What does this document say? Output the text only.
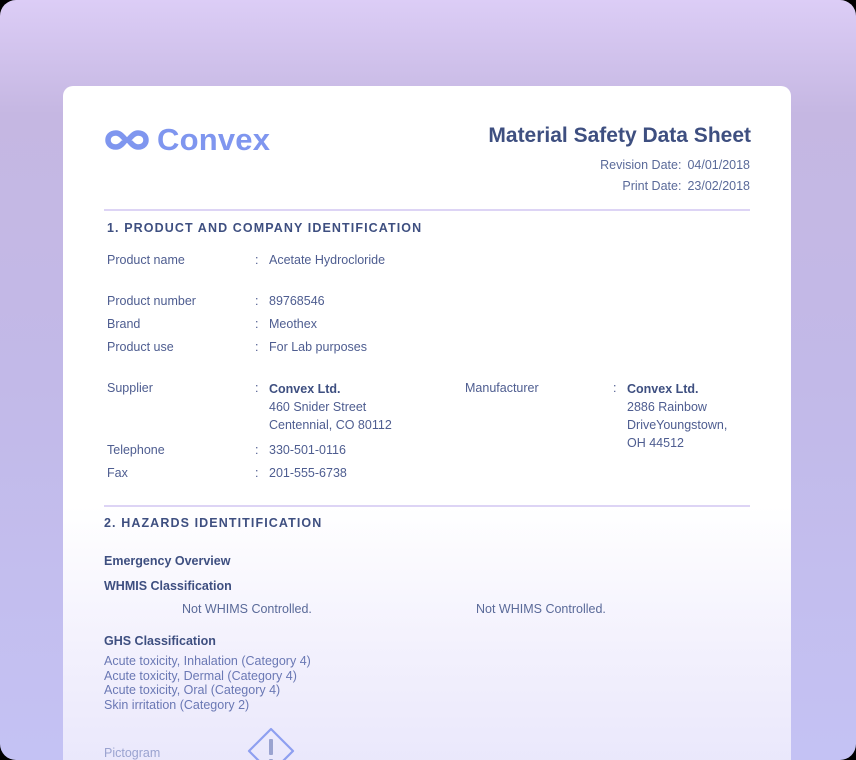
Convex	Material Safety Data Sheet
Revision Date: 04/01/2018
Print Date: 23/02/2018
1. PRODUCT AND COMPANY IDENTIFICATION
Product name	: Acetate Hydrocloride
Product number	: 89768546
Brand	: Meothex
Product use	: For Lab purposes
Supplier	: Convex Ltd.
460 Snider Street
Centennial, CO 80112
Manufacturer	: Convex Ltd.
2886 Rainbow
DriveYoungstown,
OH 44512
Telephone	: 330-501-0116
Fax	: 201-555-6738
2. HAZARDS IDENTITIFICATION
Emergency Overview
WHMIS Classification
Not WHIMS Controlled.	Not WHIMS Controlled.
GHS Classification
Acute toxicity, Inhalation (Category 4)
Acute toxicity, Dermal (Category 4)
Acute toxicity, Oral (Category 4)
Skin irritation (Category 2)
Pictogram
